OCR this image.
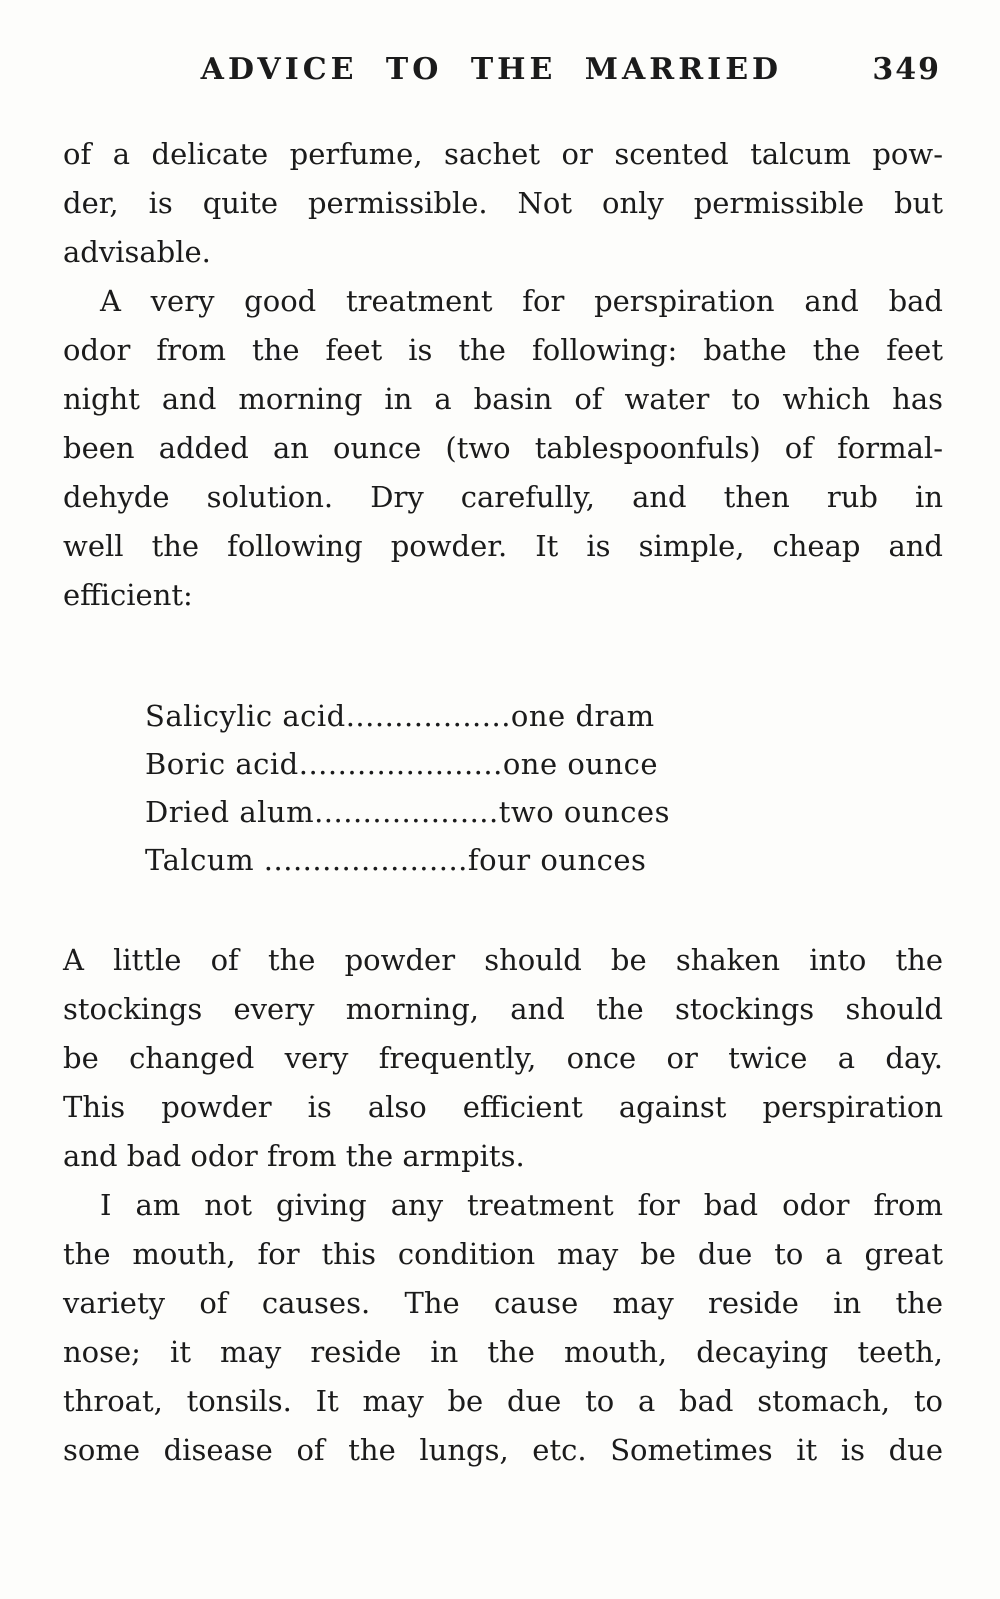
ADVICE TO THE MARRIED	349
of a delicate perfume, sachet or scented talcum pow-
der, is quite permissible. Not only permissible but
advisable.
A very good treatment for perspiration and bad
odor from the feet is the following: bathe the feet
night and morning in a basin of water to which has
been added an ounce (two tablespoonfuls) of formal-
dehyde solution. Dry carefully, and then rub in
well the following powder. It is simple, cheap and
efficient:
Salicylic acid.................one dram
Boric acid.....................one ounce
Dried alum...................two ounces
Talcum .....................four ounces
A little of the powder should be shaken into the
stockings every morning, and the stockings should
be changed very frequently, once or twice a day.
This powder is also efficient against perspiration
and bad odor from the armpits.
I am not giving any treatment for bad odor from
the mouth, for this condition may be due to a great
variety of causes. The cause may reside in the
nose; it may reside in the mouth, decaying teeth,
throat, tonsils. It may be due to a bad stomach, to
some disease of the lungs, etc. Sometimes it is due
